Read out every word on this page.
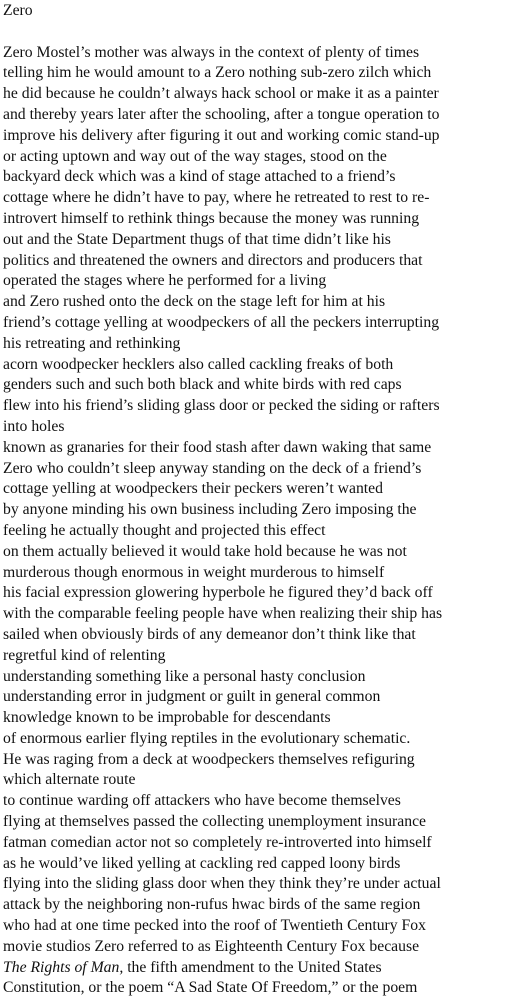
Zero
Zero Mostel’s mother was always in the context of plenty of times
telling him he would amount to a Zero nothing sub-zero zilch which
he did because he couldn’t always hack school or make it as a painter
and thereby years later after the schooling, after a tongue operation to
improve his delivery after figuring it out and working comic stand-up
or acting uptown and way out of the way stages, stood on the
backyard deck which was a kind of stage attached to a friend’s
cottage where he didn’t have to pay, where he retreated to rest to re-
introvert himself to rethink things because the money was running
out and the State Department thugs of that time didn’t like his
politics and threatened the owners and directors and producers that
operated the stages where he performed for a living
and Zero rushed onto the deck on the stage left for him at his
friend’s cottage yelling at woodpeckers of all the peckers interrupting
his retreating and rethinking
acorn woodpecker hecklers also called cackling freaks of both
genders such and such both black and white birds with red caps
flew into his friend’s sliding glass door or pecked the siding or rafters
into holes
known as granaries for their food stash after dawn waking that same
Zero who couldn’t sleep anyway standing on the deck of a friend’s
cottage yelling at woodpeckers their peckers weren’t wanted
by anyone minding his own business including Zero imposing the
feeling he actually thought and projected this effect
on them actually believed it would take hold because he was not
murderous though enormous in weight murderous to himself
his facial expression glowering hyperbole he figured they’d back off
with the comparable feeling people have when realizing their ship has
sailed when obviously birds of any demeanor don’t think like that
regretful kind of relenting
understanding something like a personal hasty conclusion
understanding error in judgment or guilt in general common
knowledge known to be improbable for descendants
of enormous earlier flying reptiles in the evolutionary schematic.
He was raging from a deck at woodpeckers themselves refiguring
which alternate route
to continue warding off attackers who have become themselves
flying at themselves passed the collecting unemployment insurance
fatman comedian actor not so completely re-introverted into himself
as he would’ve liked yelling at cackling red capped loony birds
flying into the sliding glass door when they think they’re under actual
attack by the neighboring non-rufus hwac birds of the same region
who had at one time pecked into the roof of Twentieth Century Fox
movie studios Zero referred to as Eighteenth Century Fox because
The Rights of Man, the fifth amendment to the United States
Constitution, or the poem “A Sad State Of Freedom,” or the poem
